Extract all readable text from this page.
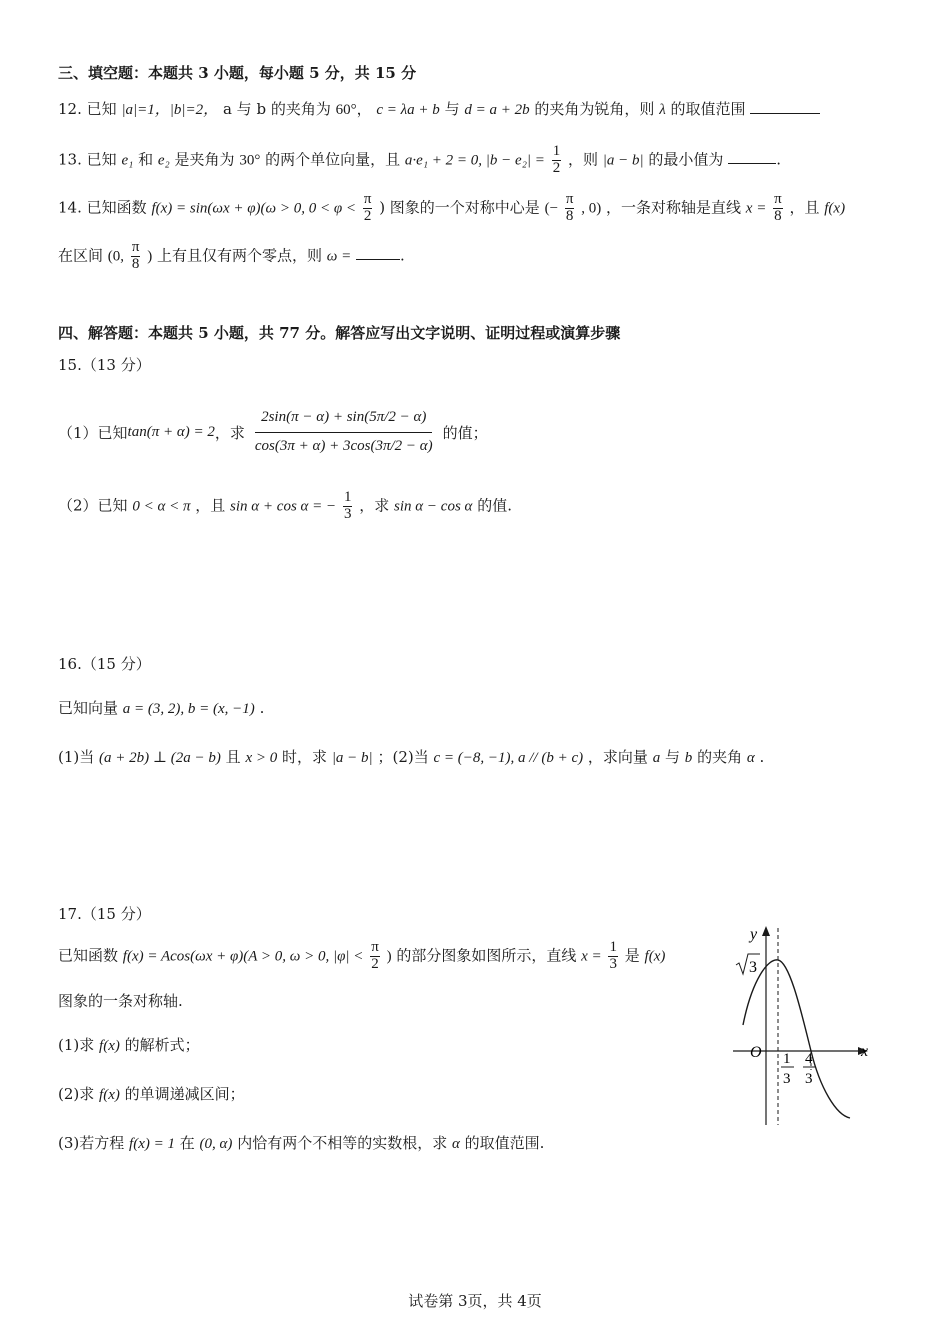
三、填空题：本题共 3 小题，每小题 5 分，共 15 分
12. 已知 |a|=1，|b|=2， a 与 b 的夹角为 60°， c = λa + b 与 d = a + 2b 的夹角为锐角，则 λ 的取值范围
13. 已知 e₁ 和 e₂ 是夹角为 30° 的两个单位向量，且 a·e₁ + 2 = 0, $|b - e_2| = \frac{1}{2}$ ，则 |a − b| 的最小值为	.
14. 已知函数 f(x) = sin(ωx + φ)(ω > 0, $0 < \varphi < \frac{\pi}{2}$ ) 图象的一个对称中心是 (− $\frac{\pi}{8}$ , 0) ，一条对称轴是直线 $x = \frac{\pi}{8}$ ，且 f(x)
在区间 (0, $\frac{\pi}{8}$ ) 上有且仅有两个零点，则 ω =	.
四、解答题：本题共 5 小题，共 77 分。解答应写出文字说明、证明过程或演算步骤
15.（13 分）
（1）已知 tan(π + α) = 2 ，求 $\frac{2\sin(\pi - \alpha) + \sin(5\pi/2 - \alpha)}{\cos(3\pi + \alpha) + 3\cos(3\pi/2 - \alpha)}$ 的值；
（2）已知 0 < α < π ，且 sin α + cos α = − $\frac{1}{3}$ ，求 sin α − cos α 的值.
16.（15 分）
已知向量 a = (3, 2), b = (x, −1) .
(1)当 (a + 2b) ⊥ (2a − b) 且 x > 0 时，求 |a − b| ；(2)当 c = (−8, −1), a // (b + c) ，求向量 a 与 b 的夹角 α .
17.（15 分）
已知函数 f(x) = Acos(ωx + φ)(A > 0, ω > 0, $|\varphi| < \frac{\pi}{2}$ ) 的部分图象如图所示，直线 $x = \frac{1}{3}$ 是 f(x)
图象的一条对称轴.
(1)求 f(x) 的解析式；
(2)求 f(x) 的单调递减区间；
(3)若方程 f(x) = 1 在 (0, α) 内恰有两个不相等的实数根，求 α 的取值范围.
y
x
O
3
1
3
4
3
试卷第 3页，共 4页
